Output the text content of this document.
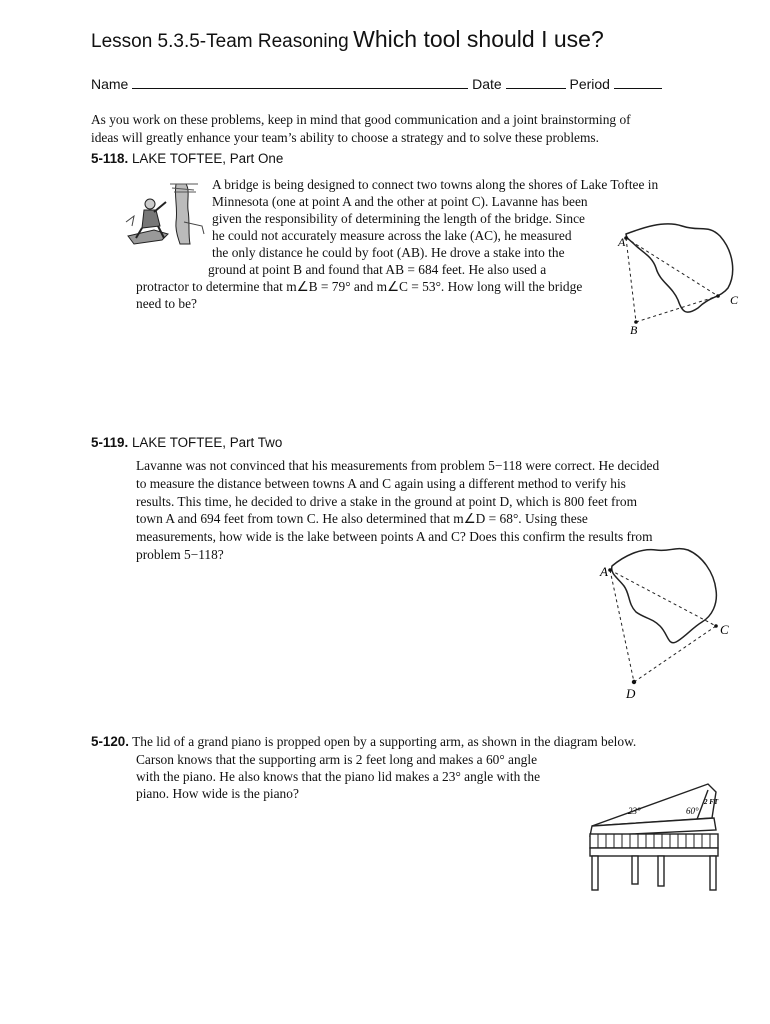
Lesson 5.3.5-Team Reasoning Which tool should I use?
Name	Date	Period
As you work on these problems, keep in mind that good communication and a joint brainstorming of
ideas will greatly enhance your team’s ability to choose a strategy and to solve these problems.
5-118. LAKE TOFTEE, Part One
A bridge is being designed to connect two towns along the shores of Lake Toftee in
Minnesota (one at point A and the other at point C). Lavanne has been
given the responsibility of determining the length of the bridge. Since
he could not accurately measure across the lake (AC), he measured
the only distance he could by foot (AB). He drove a stake into the
ground at point B and found that AB = 684 feet. He also used a
protractor to determine that m∠B = 79° and m∠C = 53°. How long will the bridge
need to be?
A
B
C
5-119. LAKE TOFTEE, Part Two
Lavanne was not convinced that his measurements from problem 5−118 were correct. He decided
to measure the distance between towns A and C again using a different method to verify his
results. This time, he decided to drive a stake in the ground at point D, which is 800 feet from
town A and 694 feet from town C. He also determined that m∠D = 68°. Using these
measurements, how wide is the lake between points A and C? Does this confirm the results from
problem 5−118?
A
D
C
5-120. The lid of a grand piano is propped open by a supporting arm, as shown in the diagram below.
Carson knows that the supporting arm is 2 feet long and makes a 60° angle
with the piano. He also knows that the piano lid makes a 23° angle with the
piano. How wide is the piano?
23°	60°
2 FT
